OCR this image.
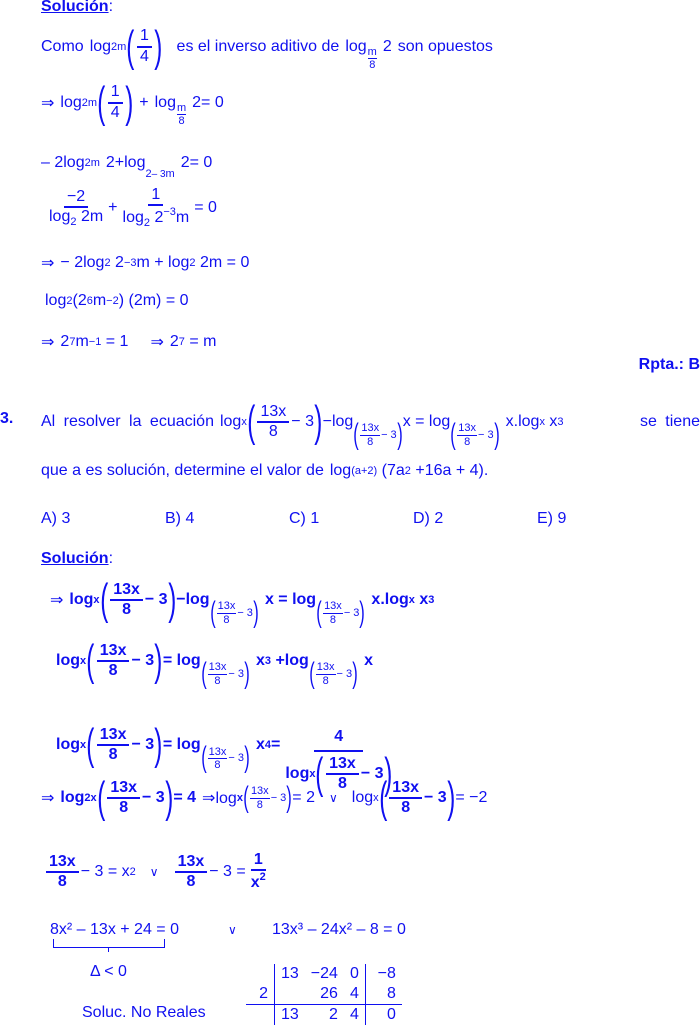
Solución :
Como log 2m ( $\frac{1}{4}$ ) es el inverso aditivo de $\log \frac{m}{8} 2$ son opuestos
⇒ log 2m ( $\frac{1}{4}$ ) + $\log \frac{m}{8} 2 = 0$
– 2log 2m 2 + log
2 – 3 m
2 = 0
$\frac{-2}{\log_2 2m} + \frac{1}{\log_2 2^{-3}m} = 0$
⇒ − 2log 2
2 −3 m + log 2
2m = 0
log 2 (2 6 m −2 ) (2m) = 0
⇒ 2 7 m −1
= 1 ⇒ 2 7
= m
Rpta.: B
3. Al resolver la ecuación log x ( $\frac{13x}{8} - 3$ ) −log ( $\frac{13x}{8} - 3$ ) x = log ( $\frac{13x}{8} - 3$ ) x.log x
x 3	se tiene
que a es solución, determine el valor de log (a+2)
(7a 2
+16a + 4).
A) 3	B) 4	C) 1	D) 2	E) 9
Solución :
⇒ log x ( $\frac{13x}{8} - 3$ ) −log ( $\frac{13x}{8} - 3$ ) x = log ( $\frac{13x}{8} - 3$ ) x.log x
x 3
log x ( $\frac{13x}{8} - 3$ ) = log ( $\frac{13x}{8} - 3$ ) x 3
+log ( $\frac{13x}{8} - 3$ ) x
log x ( $\frac{13x}{8} - 3$ ) = log ( $\frac{13x}{8} - 3$ ) x $4 = \frac{4}{\log x ( \frac{13x}{8} - 3 )}$
⇒ log 2 x ( $\frac{13x}{8} - 3$ ) = 4 ⇒log x ( $\frac{13x}{8} - 3$ ) = 2 ∨ log x ( $\frac{13x}{8} - 3$ ) = −2
$\frac{13x}{8} - 3$
= x 2 ∨ $\frac{13x}{8} - 3$
= $\frac{1}{x^2}$
8x² – 13x + 24 = 0	∨ 13x³ – 24x² – 8 = 0
Δ < 0
Soluc. No Reales
	13	−24	0	−8
2		26	4	8
	13	2	4	0
